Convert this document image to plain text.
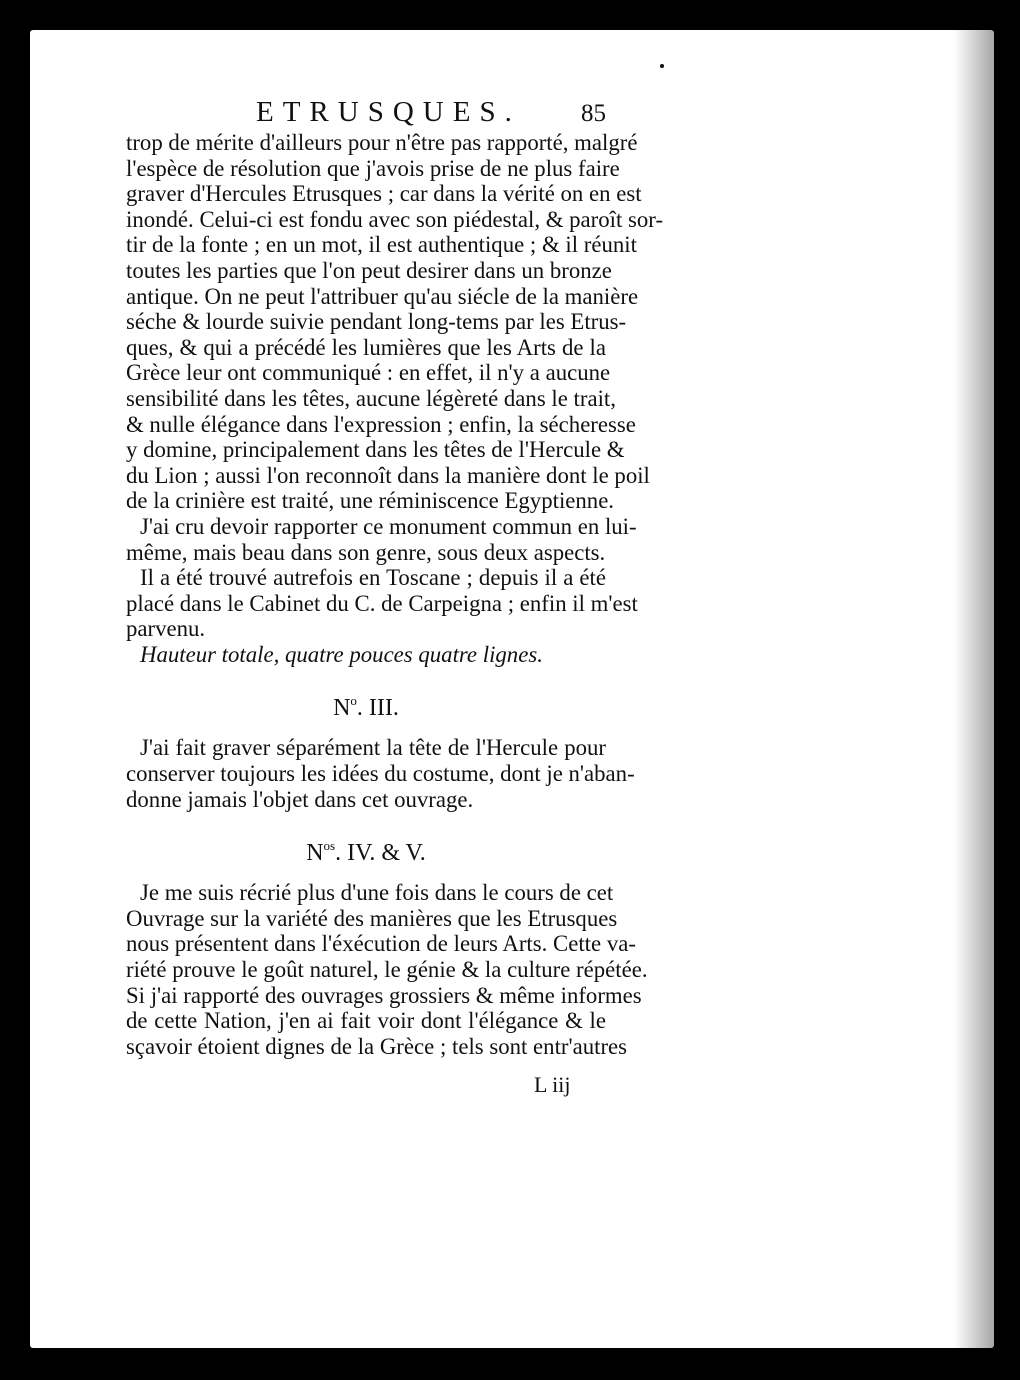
ETRUSQUES. 85
trop de mérite d'ailleurs pour n'être pas rapporté, malgré
l'espèce de résolution que j'avois prise de ne plus faire
graver d'Hercules Etrusques ; car dans la vérité on en est
inondé. Celui-ci est fondu avec son piédestal, & paroît sor-
tir de la fonte ; en un mot, il est authentique ; & il réunit
toutes les parties que l'on peut desirer dans un bronze
antique. On ne peut l'attribuer qu'au siécle de la manière
séche & lourde suivie pendant long-tems par les Etrus-
ques, & qui a précédé les lumières que les Arts de la
Grèce leur ont communiqué : en effet, il n'y a aucune
sensibilité dans les têtes, aucune légèreté dans le trait,
& nulle élégance dans l'expression ; enfin, la sécheresse
y domine, principalement dans les têtes de l'Hercule &
du Lion ; aussi l'on reconnoît dans la manière dont le poil
de la crinière est traité, une réminiscence Egyptienne.
J'ai cru devoir rapporter ce monument commun en lui-
même, mais beau dans son genre, sous deux aspects.
Il a été trouvé autrefois en Toscane ; depuis il a été
placé dans le Cabinet du C. de Carpeigna ; enfin il m'est
parvenu.
Hauteur totale, quatre pouces quatre lignes.
$N^o$. III.
J'ai fait graver séparément la tête de l'Hercule pour
conserver toujours les idées du costume, dont je n'aban-
donne jamais l'objet dans cet ouvrage.
$N^{os}$. IV. & V.
Je me suis récrié plus d'une fois dans le cours de cet
Ouvrage sur la variété des manières que les Etrusques
nous présentent dans l'éxécution de leurs Arts. Cette va-
riété prouve le goût naturel, le génie & la culture répétée.
Si j'ai rapporté des ouvrages grossiers & même informes
de cette Nation, j'en ai fait voir dont l'élégance & le
sçavoir étoient dignes de la Grèce ; tels sont entr'autres
L iij
